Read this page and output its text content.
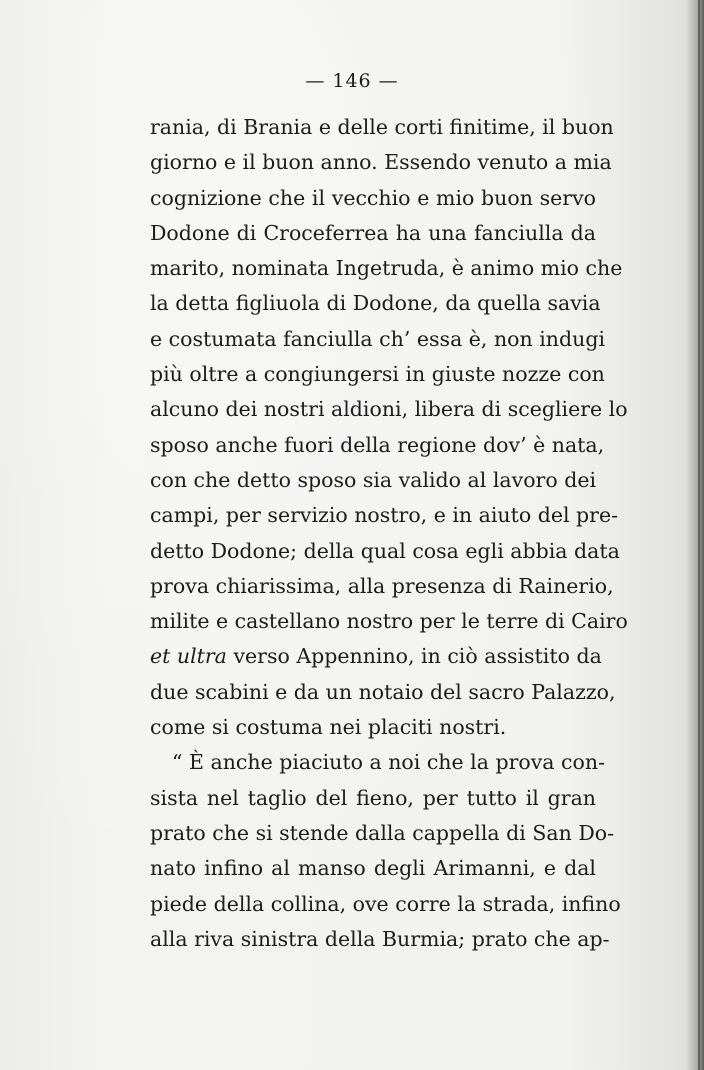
— 146 —
rania, di Brania e delle corti finitime, il buon
giorno e il buon anno. Essendo venuto a mia
cognizione che il vecchio e mio buon servo
Dodone di Croceferrea ha una fanciulla da
marito, nominata Ingetruda, è animo mio che
la detta figliuola di Dodone, da quella savia
e costumata fanciulla ch’ essa è, non indugi
più oltre a congiungersi in giuste nozze con
alcuno dei nostri aldioni, libera di scegliere lo
sposo anche fuori della regione dov’ è nata,
con che detto sposo sia valido al lavoro dei
campi, per servizio nostro, e in aiuto del pre-
detto Dodone; della qual cosa egli abbia data
prova chiarissima, alla presenza di Rainerio,
milite e castellano nostro per le terre di Cairo
et ultra verso Appennino, in ciò assistito da
due scabini e da un notaio del sacro Palazzo,
come si costuma nei placiti nostri.
“ È anche piaciuto a noi che la prova con-
sista nel taglio del fieno, per tutto il gran
prato che si stende dalla cappella di San Do-
nato infino al manso degli Arimanni, e dal
piede della collina, ove corre la strada, infino
alla riva sinistra della Burmia; prato che ap-
